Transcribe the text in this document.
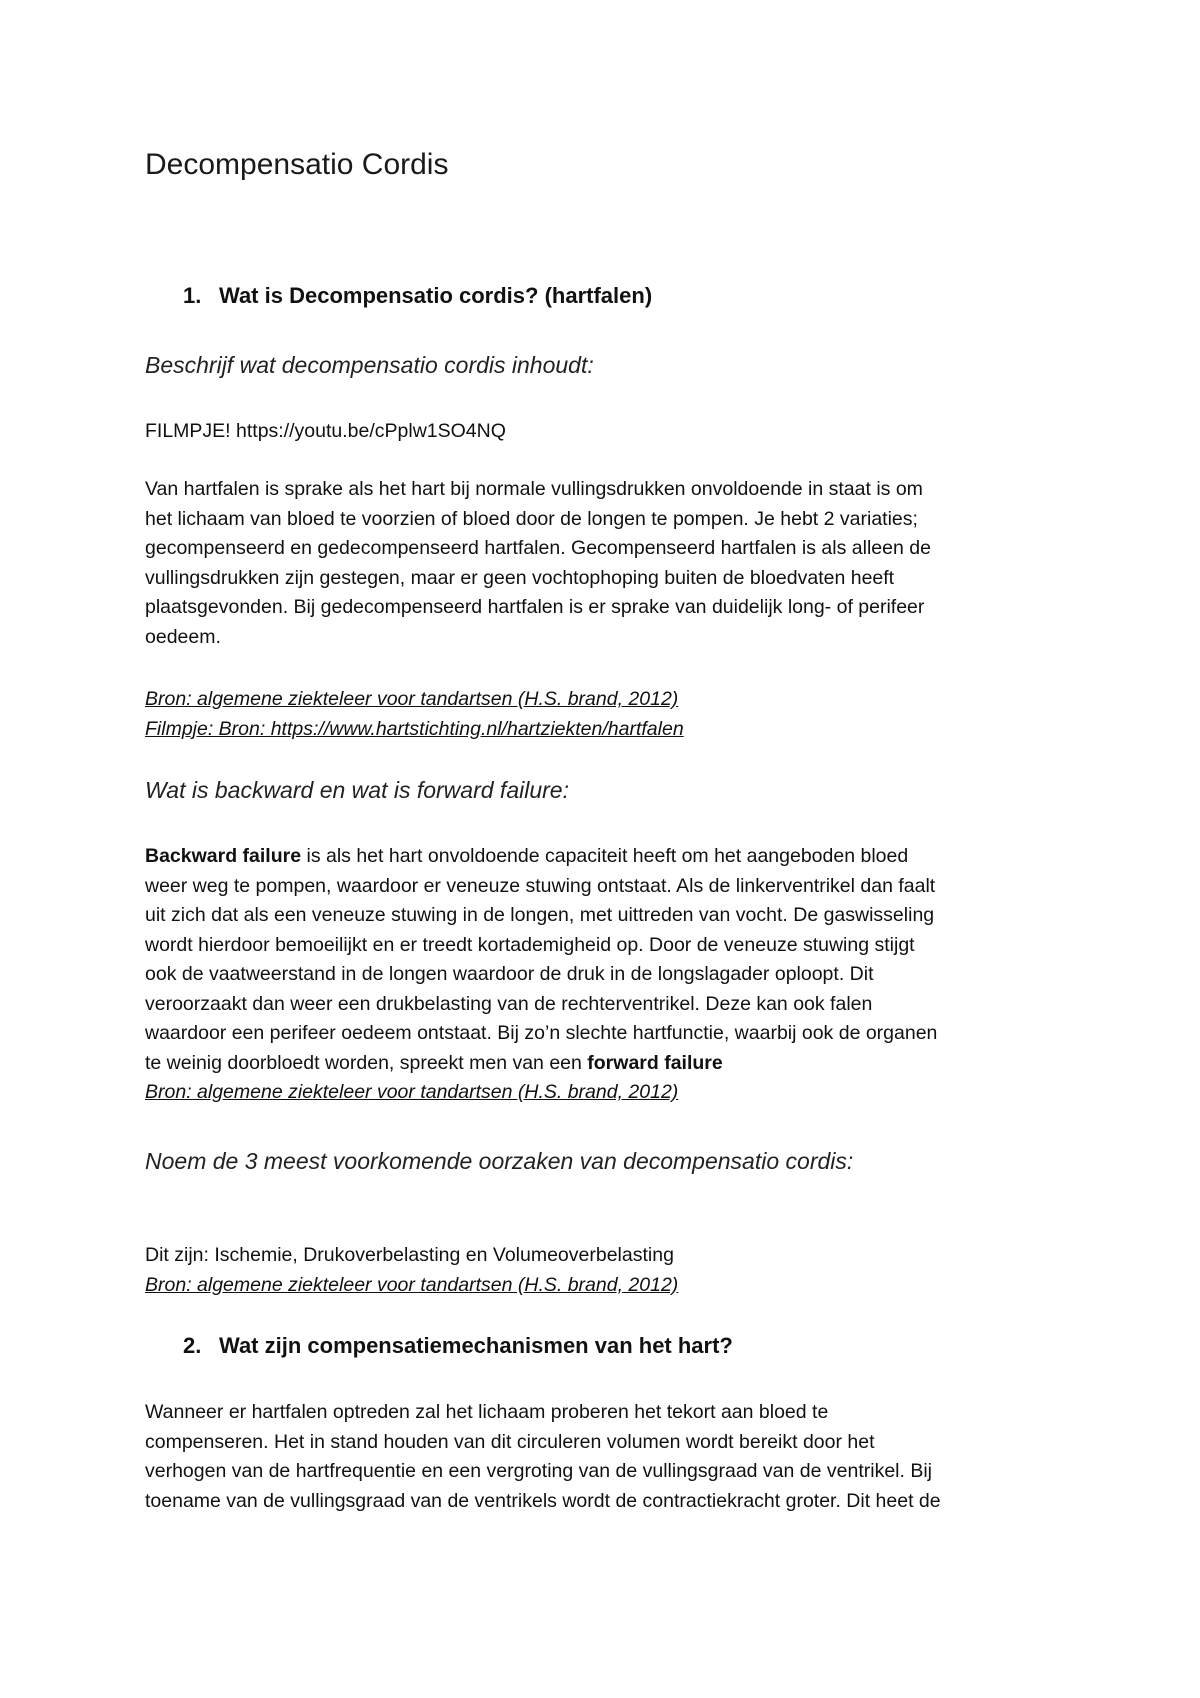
Decompensatio Cordis
1. Wat is Decompensatio cordis? (hartfalen)
Beschrijf wat decompensatio cordis inhoudt:
FILMPJE! https://youtu.be/cPplw1SO4NQ
Van hartfalen is sprake als het hart bij normale vullingsdrukken onvoldoende in staat is om
het lichaam van bloed te voorzien of bloed door de longen te pompen. Je hebt 2 variaties;
gecompenseerd en gedecompenseerd hartfalen. Gecompenseerd hartfalen is als alleen de
vullingsdrukken zijn gestegen, maar er geen vochtophoping buiten de bloedvaten heeft
plaatsgevonden. Bij gedecompenseerd hartfalen is er sprake van duidelijk long- of perifeer
oedeem.
Bron: algemene ziekteleer voor tandartsen (H.S. brand, 2012)
Filmpje: Bron: https://www.hartstichting.nl/hartziekten/hartfalen
Wat is backward en wat is forward failure:
Backward failure is als het hart onvoldoende capaciteit heeft om het aangeboden bloed
weer weg te pompen, waardoor er veneuze stuwing ontstaat. Als de linkerventrikel dan faalt
uit zich dat als een veneuze stuwing in de longen, met uittreden van vocht. De gaswisseling
wordt hierdoor bemoeilijkt en er treedt kortademigheid op. Door de veneuze stuwing stijgt
ook de vaatweerstand in de longen waardoor de druk in de longslagader oploopt. Dit
veroorzaakt dan weer een drukbelasting van de rechterventrikel. Deze kan ook falen
waardoor een perifeer oedeem ontstaat. Bij zo’n slechte hartfunctie, waarbij ook de organen
te weinig doorbloedt worden, spreekt men van een forward failure
Bron: algemene ziekteleer voor tandartsen (H.S. brand, 2012)
Noem de 3 meest voorkomende oorzaken van decompensatio cordis:
Dit zijn: Ischemie, Drukoverbelasting en Volumeoverbelasting
Bron: algemene ziekteleer voor tandartsen (H.S. brand, 2012)
2. Wat zijn compensatiemechanismen van het hart?
Wanneer er hartfalen optreden zal het lichaam proberen het tekort aan bloed te
compenseren. Het in stand houden van dit circuleren volumen wordt bereikt door het
verhogen van de hartfrequentie en een vergroting van de vullingsgraad van de ventrikel. Bij
toename van de vullingsgraad van de ventrikels wordt de contractiekracht groter. Dit heet de
